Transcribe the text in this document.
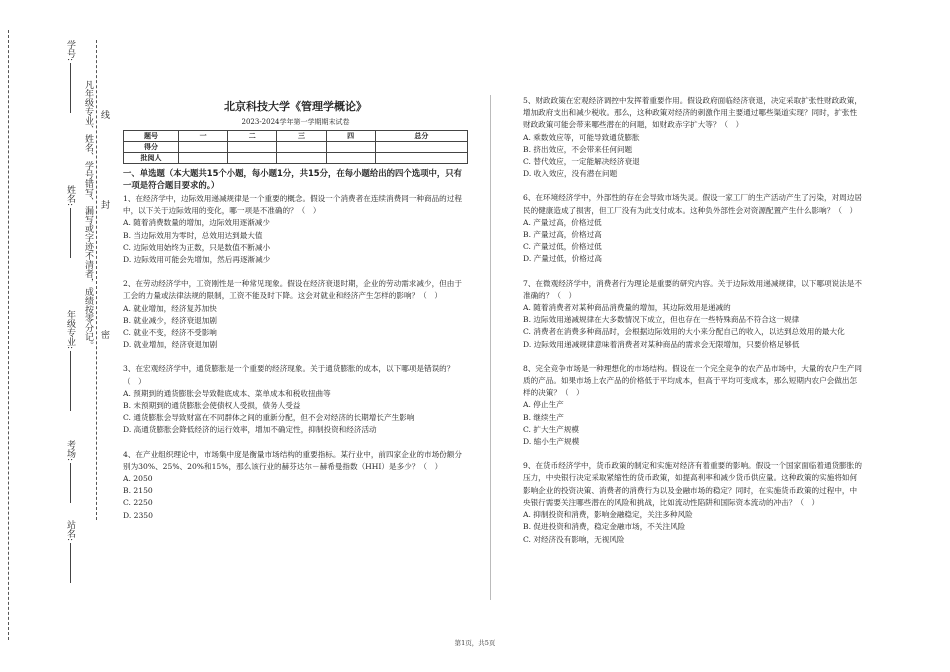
学号:
姓名:
年级专业:
考场:
站名:
凡年级专业、姓名、学号错写、漏写或字迹不清者，成绩按零分记。 密
封
线
北京科技大学《管理学概论》
2023-2024学年第一学期期末试卷
题号	一	二	三	四	总分
得分					
批阅人					
一、单选题（本大题共15个小题，每小题1分，共15分，在每小题给出的四个选项中，只有一项是符合题目要求的。）

1、在经济学中，边际效用递减规律是一个重要的概念。假设一个消费者在连续消费同一种商品的过程中，以下关于边际效用的变化，哪一项是不准确的？（　）

A. 随着消费数量的增加，边际效用逐渐减少

B. 当边际效用为零时，总效用达到最大值

C. 边际效用始终为正数，只是数值不断减小

D. 边际效用可能会先增加，然后再逐渐减少

2、在劳动经济学中，工资刚性是一种常见现象。假设在经济衰退时期，企业的劳动需求减少，但由于工会的力量或法律法规的限制，工资不能及时下降。这会对就业和经济产生怎样的影响？（　）

A. 就业增加，经济复苏加快

B. 就业减少，经济衰退加剧

C. 就业不变，经济不受影响

D. 就业增加，经济衰退加剧

3、在宏观经济学中，通货膨胀是一个重要的经济现象。关于通货膨胀的成本，以下哪项是错误的？（　）

A. 预期到的通货膨胀会导致鞋底成本、菜单成本和税收扭曲等

B. 未预期到的通货膨胀会使债权人受损，债务人受益

C. 通货膨胀会导致财富在不同群体之间的重新分配，但不会对经济的长期增长产生影响

D. 高通货膨胀会降低经济的运行效率，增加不确定性，抑制投资和经济活动

4、在产业组织理论中，市场集中度是衡量市场结构的重要指标。某行业中，前四家企业的市场份额分别为30%、25%、20%和15%，那么该行业的赫芬达尔－赫希曼指数（HHI）是多少？（　）

A. 2050

B. 2150

C. 2250

D. 2350

5、财政政策在宏观经济调控中发挥着重要作用。假设政府面临经济衰退，决定采取扩张性财政政策，增加政府支出和减少税收。那么，这种政策对经济的刺激作用主要通过哪些渠道实现？同时，扩张性财政政策可能会带来哪些潜在的问题，如财政赤字扩大等？（　）

A. 乘数效应等，可能导致通货膨胀

B. 挤出效应，不会带来任何问题

C. 替代效应，一定能解决经济衰退

D. 收入效应，没有潜在问题

6、在环境经济学中，外部性的存在会导致市场失灵。假设一家工厂的生产活动产生了污染，对周边居民的健康造成了损害，但工厂没有为此支付成本。这种负外部性会对资源配置产生什么影响？（　）

A. 产量过高，价格过低

B. 产量过高，价格过高

C. 产量过低，价格过低

D. 产量过低，价格过高

7、在微观经济学中，消费者行为理论是重要的研究内容。关于边际效用递减规律，以下哪项说法是不准确的？（　）

A. 随着消费者对某种商品消费量的增加，其边际效用是递减的

B. 边际效用递减规律在大多数情况下成立，但也存在一些特殊商品不符合这一规律

C. 消费者在消费多种商品时，会根据边际效用的大小来分配自己的收入，以达到总效用的最大化

D. 边际效用递减规律意味着消费者对某种商品的需求会无限增加，只要价格足够低

8、完全竞争市场是一种理想化的市场结构。假设在一个完全竞争的农产品市场中，大量的农户生产同质的产品。如果市场上农产品的价格低于平均成本，但高于平均可变成本，那么短期内农户会做出怎样的决策？（　）

A. 停止生产

B. 继续生产

C. 扩大生产规模

D. 缩小生产规模

9、在货币经济学中，货币政策的制定和实施对经济有着重要的影响。假设一个国家面临着通货膨胀的压力，中央银行决定采取紧缩性的货币政策，如提高利率和减少货币供应量。这种政策的实施将如何影响企业的投资决策、消费者的消费行为以及金融市场的稳定？同时，在实施货币政策的过程中，中央银行需要关注哪些潜在的风险和挑战，比如流动性陷阱和国际资本流动的冲击？（　）

A. 抑制投资和消费，影响金融稳定，关注多种风险

B. 促进投资和消费，稳定金融市场，不关注风险

C. 对经济没有影响，无视风险

第1页，共5页
